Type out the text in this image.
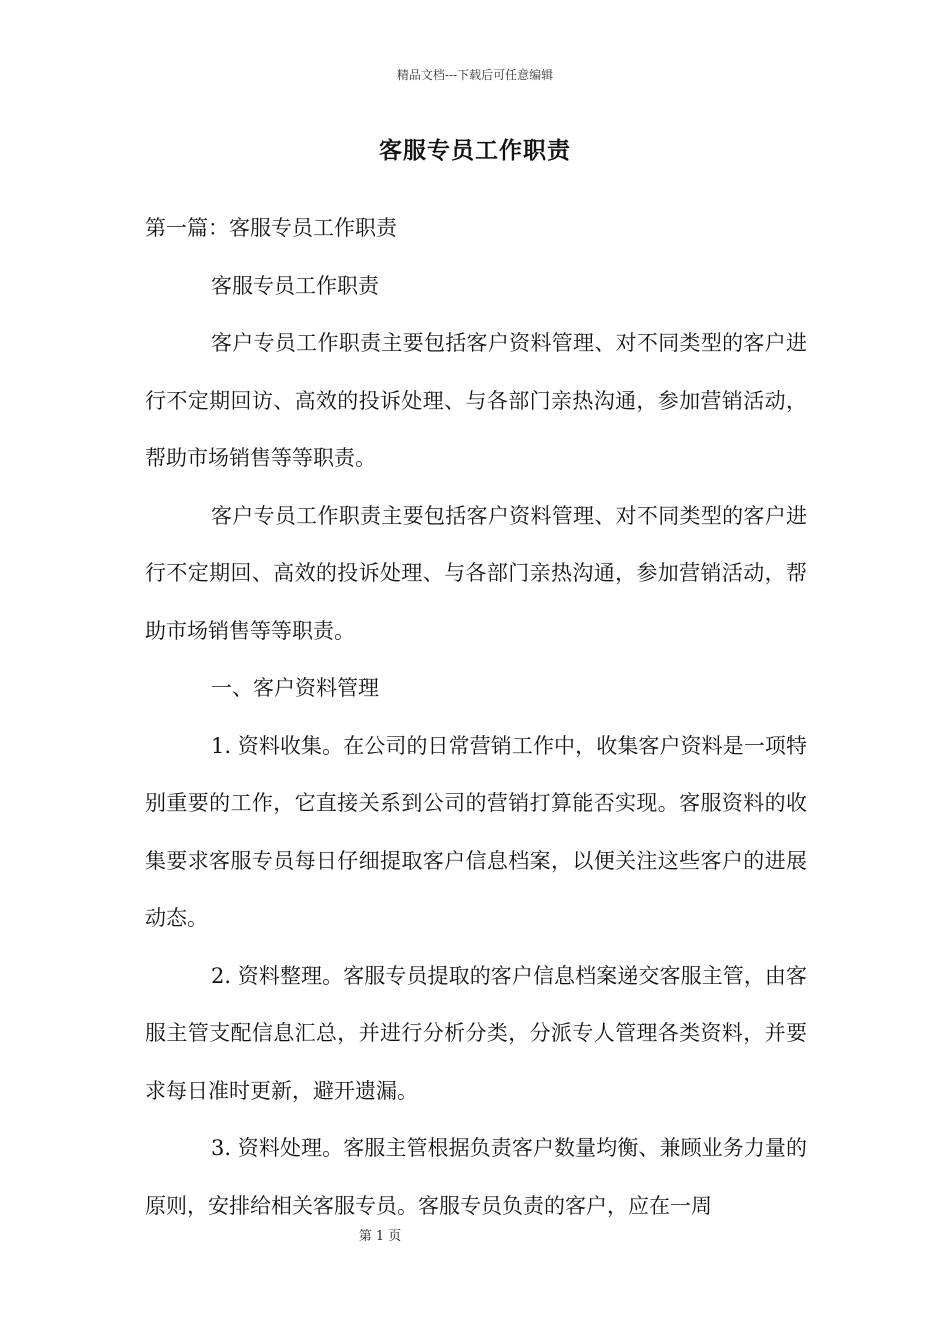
精品文档---下载后可任意编辑
客服专员工作职责

第一篇：客服专员工作职责

客服专员工作职责

客户专员工作职责主要包括客户资料管理、对不同类型的客户进行不定期回访、高效的投诉处理、与各部门亲热沟通，参加营销活动，帮助市场销售等等职责。

客户专员工作职责主要包括客户资料管理、对不同类型的客户进行不定期回、高效的投诉处理、与各部门亲热沟通，参加营销活动，帮助市场销售等等职责。

一、客户资料管理

1. 资料收集。在公司的日常营销工作中，收集客户资料是一项特别重要的工作，它直接关系到公司的营销打算能否实现。客服资料的收集要求客服专员每日仔细提取客户信息档案，以便关注这些客户的进展动态。

2. 资料整理。客服专员提取的客户信息档案递交客服主管，由客服主管支配信息汇总，并进行分析分类，分派专人管理各类资料，并要求每日准时更新，避开遗漏。

3. 资料处理。客服主管根据负责客户数量均衡、兼顾业务力量的原则，安排给相关客服专员。客服专员负责的客户，应在一周

第 1 页
